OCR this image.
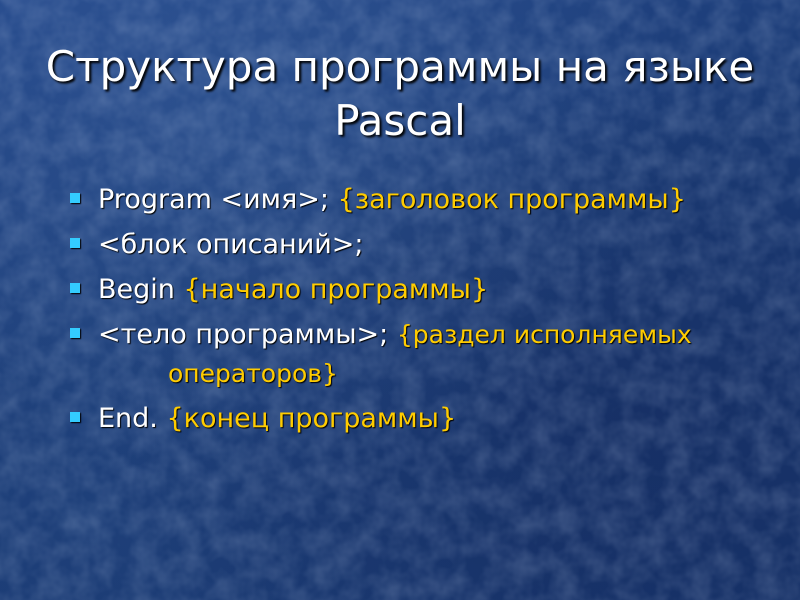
Структура программы на языке Pascal
Program <имя>; {заголовок программы}
<блок описаний>;
Begin {начало программы}
<тело программы>; {раздел исполняемыхоператоров}
End. {конец программы}
